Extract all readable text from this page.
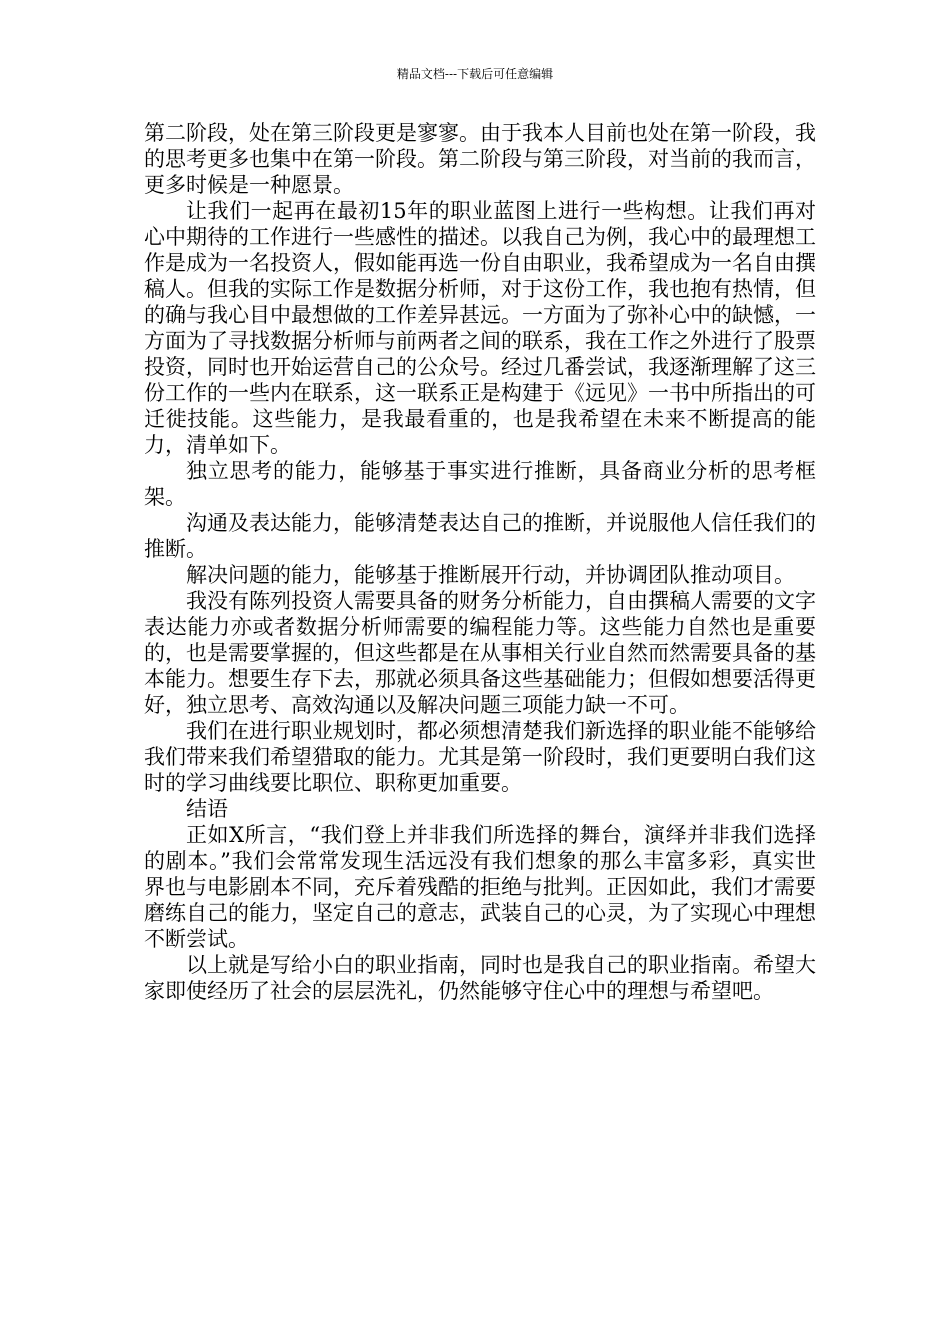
精品文档---下载后可任意编辑

第二阶段，处在第三阶段更是寥寥。由于我本人目前也处在第一阶段，我的思考更多也集中在第一阶段。第二阶段与第三阶段，对当前的我而言，更多时候是一种愿景。

让我们一起再在最初15年的职业蓝图上进行一些构想。让我们再对心中期待的工作进行一些感性的描述。以我自己为例，我心中的最理想工作是成为一名投资人，假如能再选一份自由职业，我希望成为一名自由撰稿人。但我的实际工作是数据分析师，对于这份工作，我也抱有热情，但的确与我心目中最想做的工作差异甚远。一方面为了弥补心中的缺憾，一方面为了寻找数据分析师与前两者之间的联系，我在工作之外进行了股票投资，同时也开始运营自己的公众号。经过几番尝试，我逐渐理解了这三份工作的一些内在联系，这一联系正是构建于《远见》一书中所指出的可迁徙技能。这些能力，是我最看重的，也是我希望在未来不断提高的能力，清单如下。

独立思考的能力，能够基于事实进行推断，具备商业分析的思考框架。

沟通及表达能力，能够清楚表达自己的推断，并说服他人信任我们的推断。

解决问题的能力，能够基于推断展开行动，并协调团队推动项目。

我没有陈列投资人需要具备的财务分析能力，自由撰稿人需要的文字表达能力亦或者数据分析师需要的编程能力等。这些能力自然也是重要的，也是需要掌握的，但这些都是在从事相关行业自然而然需要具备的基本能力。想要生存下去，那就必须具备这些基础能力；但假如想要活得更好，独立思考、高效沟通以及解决问题三项能力缺一不可。

我们在进行职业规划时，都必须想清楚我们新选择的职业能不能够给我们带来我们希望猎取的能力。尤其是第一阶段时，我们更要明白我们这时的学习曲线要比职位、职称更加重要。

结语

正如X所言，“我们登上并非我们所选择的舞台，演绎并非我们选择的剧本。”我们会常常发现生活远没有我们想象的那么丰富多彩，真实世界也与电影剧本不同，充斥着残酷的拒绝与批判。正因如此，我们才需要磨练自己的能力，坚定自己的意志，武装自己的心灵，为了实现心中理想不断尝试。

以上就是写给小白的职业指南，同时也是我自己的职业指南。希望大家即使经历了社会的层层洗礼，仍然能够守住心中的理想与希望吧。
